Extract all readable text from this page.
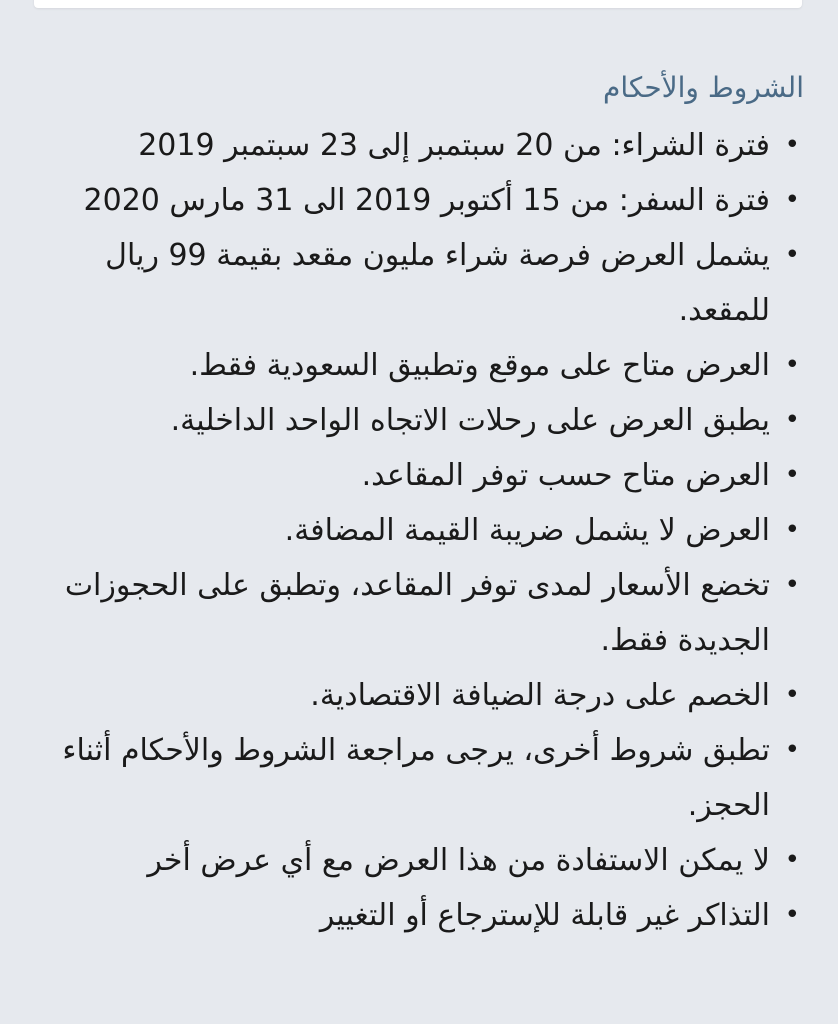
الشروط والأحكام
•
فترة الشراء: من 20 سبتمبر إلى 23 سبتمبر 2019
•
فترة السفر: من 15 أكتوبر 2019 الى 31 مارس 2020
•
يشمل العرض فرصة شراء مليون مقعد بقيمة 99 ريال للمقعد.
•
العرض متاح على موقع وتطبيق السعودية فقط.
•
يطبق العرض على رحلات الاتجاه الواحد الداخلية.
•
العرض متاح حسب توفر المقاعد.
•
العرض لا يشمل ضريبة القيمة المضافة.
•
تخضع الأسعار لمدى توفر المقاعد، وتطبق على الحجوزات الجديدة فقط.
•
الخصم على درجة الضيافة الاقتصادية.
•
تطبق شروط أخرى، يرجى مراجعة الشروط والأحكام أثناء الحجز.
•
لا يمكن الاستفادة من هذا العرض مع أي عرض أخر
•
التذاكر غير قابلة للإسترجاع أو التغيير
